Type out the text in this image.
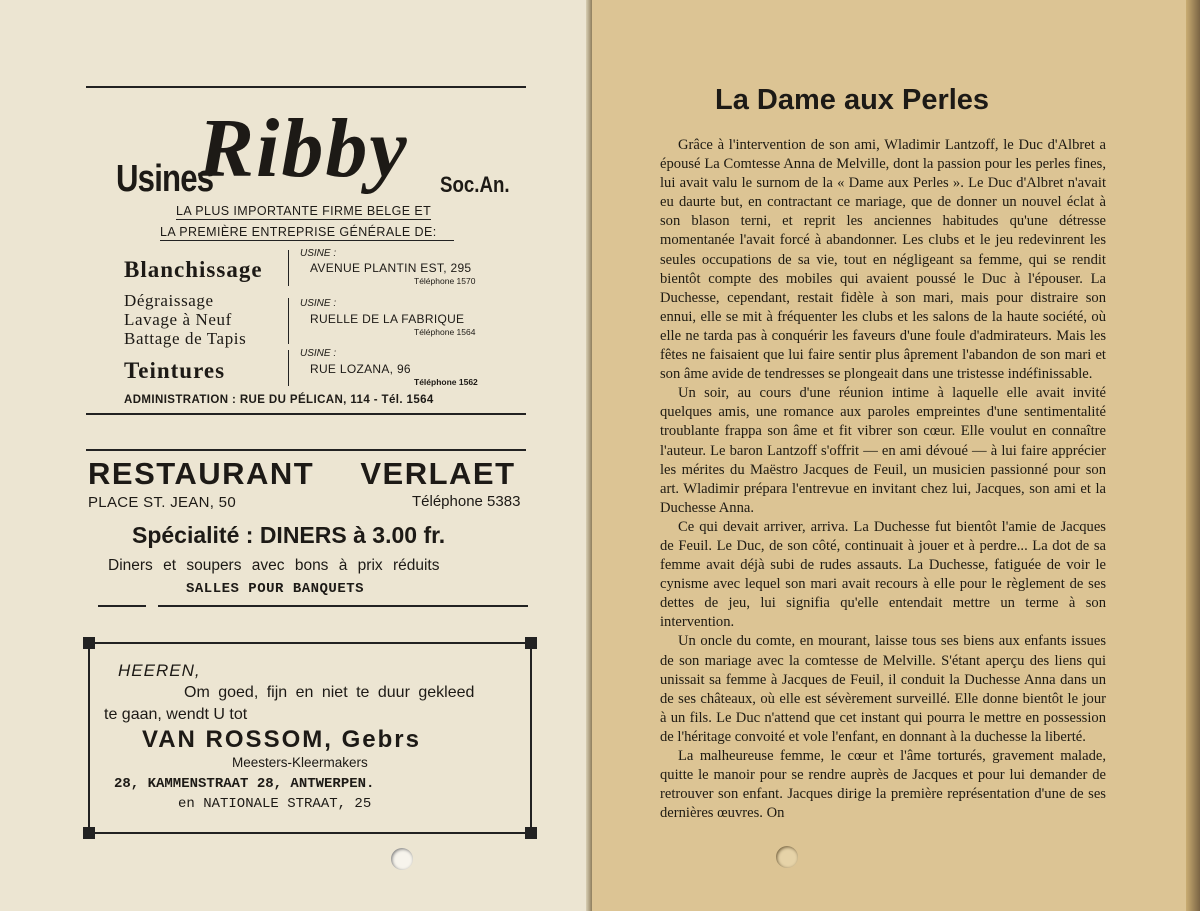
Usines
Ribby Soc.An.
LA PLUS IMPORTANTE FIRME BELGE ET
LA PREMIÈRE ENTREPRISE GÉNÉRALE DE:
Blanchissage
Dégraissage
Lavage à Neuf
Battage de Tapis
Teintures
USINE :
AVENUE PLANTIN EST, 295
Téléphone 1570
USINE :
RUELLE DE LA FABRIQUE
Téléphone 1564
USINE :
RUE LOZANA, 96
Téléphone 1562
ADMINISTRATION : RUE DU PÉLICAN, 114 - Tél. 1564
RESTAURANT VERLAET
PLACE ST. JEAN, 50	Téléphone 5383
Spécialité : DINERS à 3.00 fr.
Diners et soupers avec bons à prix réduits
SALLES POUR BANQUETS
HEEREN,
Om goed, fijn en niet te duur gekleed
te gaan, wendt U tot
VAN ROSSOM, Gebrs
Meesters-Kleermakers
28, KAMMENSTRAAT 28, ANTWERPEN.
en NATIONALE STRAAT, 25
La Dame aux Perles

Grâce à l'intervention de son ami, Wladimir Lantzoff, le Duc d'Albret a épousé La Comtesse Anna de Melville, dont la passion pour les perles fines, lui avait valu le surnom de la « Dame aux Perles ». Le Duc d'Albret n'avait eu daurte but, en contractant ce mariage, que de donner un nouvel éclat à son blason terni, et reprit les anciennes habitudes qu'une détresse momentanée l'avait forcé à abandonner. Les clubs et le jeu redevinrent les seules occupations de sa vie, tout en négligeant sa femme, qui se rendit bientôt compte des mobiles qui avaient poussé le Duc à l'épouser. La Duchesse, cependant, restait fidèle à son mari, mais pour distraire son ennui, elle se mit à fréquenter les clubs et les salons de la haute société, où elle ne tarda pas à conquérir les faveurs d'une foule d'admirateurs. Mais les fêtes ne faisaient que lui faire sentir plus âprement l'abandon de son mari et son âme avide de tendresses se plongeait dans une tristesse indéfinissable.

Un soir, au cours d'une réunion intime à laquelle elle avait invité quelques amis, une romance aux paroles empreintes d'une sentimentalité troublante frappa son âme et fit vibrer son cœur. Elle voulut en connaître l'auteur. Le baron Lantzoff s'offrit — en ami dévoué — à lui faire apprécier les mérites du Maëstro Jacques de Feuil, un musicien passionné pour son art. Wladimir prépara l'entrevue en invitant chez lui, Jacques, son ami et la Duchesse Anna.

Ce qui devait arriver, arriva. La Duchesse fut bientôt l'amie de Jacques de Feuil. Le Duc, de son côté, continuait à jouer et à perdre... La dot de sa femme avait déjà subi de rudes assauts. La Duchesse, fatiguée de voir le cynisme avec lequel son mari avait recours à elle pour le règlement de ses dettes de jeu, lui signifia qu'elle entendait mettre un terme à son intervention.

Un oncle du comte, en mourant, laisse tous ses biens aux enfants issues de son mariage avec la comtesse de Melville. S'étant aperçu des liens qui unissait sa femme à Jacques de Feuil, il conduit la Duchesse Anna dans un de ses châteaux, où elle est sévèrement surveillé. Elle donne bientôt le jour à un fils. Le Duc n'attend que cet instant qui pourra le mettre en possession de l'héritage convoité et vole l'enfant, en donnant à la duchesse la liberté.

La malheureuse femme, le cœur et l'âme torturés, gravement malade, quitte le manoir pour se rendre auprès de Jacques et pour lui demander de retrouver son enfant. Jacques dirige la première représentation d'une de ses dernières œuvres. On
